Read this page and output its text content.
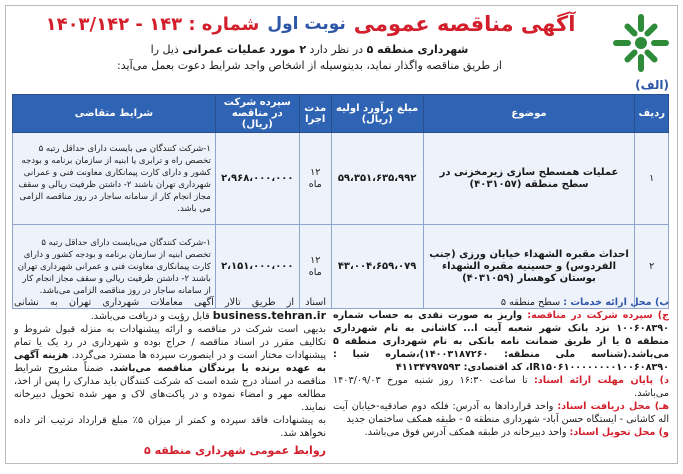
آگهی مناقصه عمومی
نوبت اول
شماره : ۱۴۳ - ۱۴۰۳/۱۴۲
شهرداری منطقه ۵ در نظر دارد ۲ مورد عملیات عمرانی ذیل را
از طریق مناقصه واگذار نماید، بدینوسیله از اشخاص واجد شرایط دعوت بعمل می‌آید:
(الف)
ردیف	موضوع	مبلغ برآورد اولیه (ریال)	مدت اجرا	سپرده شرکت در مناقصه (ریال)	شرایط متقاضی
۱	عملیات همسطح سازی زیرمخزنی در سطح منطقه (۴۰۳۱۰۵۷)	۵۹،۳۵۱،۶۳۵،۹۹۲	۱۲ ماه	۲،۹۶۸،۰۰۰،۰۰۰	۱-شرکت کنندگان می بایست دارای حداقل رتبه ۵ تخصص راه و ترابری یا ابنیه از سازمان برنامه و بودجه کشور و دارای کارت پیمانکاری معاونت فنی و عمرانی شهرداری تهران باشند ۲- داشتن ظرفیت ریالی و سقف مجاز انجام کار از سامانه ساجار در روز مناقصه الزامی می باشد.
۲	احداث مقبره الشهداء خیابان ورزی (جنب الفردوس) و حسینیه مقبره الشهداء بوستان کوهسار (۴۰۳۱۰۵۹)	۴۳،۰۰۴،۶۵۹،۰۷۹	۱۲ ماه	۲،۱۵۱،۰۰۰،۰۰۰	۱-شرکت کنندگان می‌بایست دارای حداقل رتبه ۵ تخصص ابنیه از سازمان برنامه و بودجه کشور و دارای کارت پیمانکاری معاونت فنی و عمرانی شهرداری تهران باشند ۲- داشتن ظرفیت ریالی و سقف مجاز انجام کار از سامانه ساجار در روز مناقصه الزامی می‌باشد.
ب) محل ارائه خدمات : سطح منطقه ۵
ج) سپرده شرکت در مناقصه: واریز به صورت نقدی به حساب شماره ۱۰۰۶۰۸۳۹۰ نزد بانک شهر شعبه آیت ا... کاشانی به نام شهرداری منطقه ۵ یا از طریق ضمانت نامه بانکی به نام شهرداری منطقه ۵ می‌باشد.(شناسه ملی منطقه: ۱۴۰۰۳۱۸۷۲۶۰)،شماره شبا : IR۱۵۰۶۱۰۰۰۰۰۰۰۰۱۰۰۶۰۸۳۹۰، کد اقتصادی: ۴۱۱۳۴۷۹۷۵۹۳
د) پایان مهلت ارائه اسناد: تا ساعت ۱۶:۳۰ روز شنبه مورخ ۱۴۰۳/۰۹/۰۳ می‌باشد.
هـ) محل دریافت اسناد: واحد قراردادها به آدرس: فلکه دوم صادقیه-خیابان آیت اله کاشانی - ایستگاه حسن آباد- شهرداری منطقه ۵ - طبقه همکف ساختمان جدید
و) محل تحویل اسناد: واحد دبیرخانه در طبقه همکف آدرس فوق می‌باشد.
اسناد از طریق تالار آگهی معاملات شهرداری تهران به نشانی business.tehran.ir قابل رؤیت و دریافت می‌باشد.
بدیهی است شرکت در مناقصه و ارائه پیشنهادات به منزله قبول شروط و تکالیف مقرر در اسناد مناقصه / حراج بوده و شهرداری در رد یک یا تمام پیشنهادات مختار است و در اینصورت سپرده ها مسترد می‌گردد. هزینه آگهی به عهده برنده یا برندگان مناقصه می‌باشد. ضمناً مشروح شرایط مناقصه در اسناد درج شده است که شرکت کنندگان باید مدارک را پس از اخذ، مطالعه مهر و امضاء نموده و در پاکت‌های لاک و مهر شده تحویل دبیرخانه نمایند.
به پیشنهادات فاقد سپرده و کمتر از میزان ۵٪ مبلغ قرارداد ترتیب اثر داده نخواهد شد.
روابط عمومی شهرداری منطقه ۵
